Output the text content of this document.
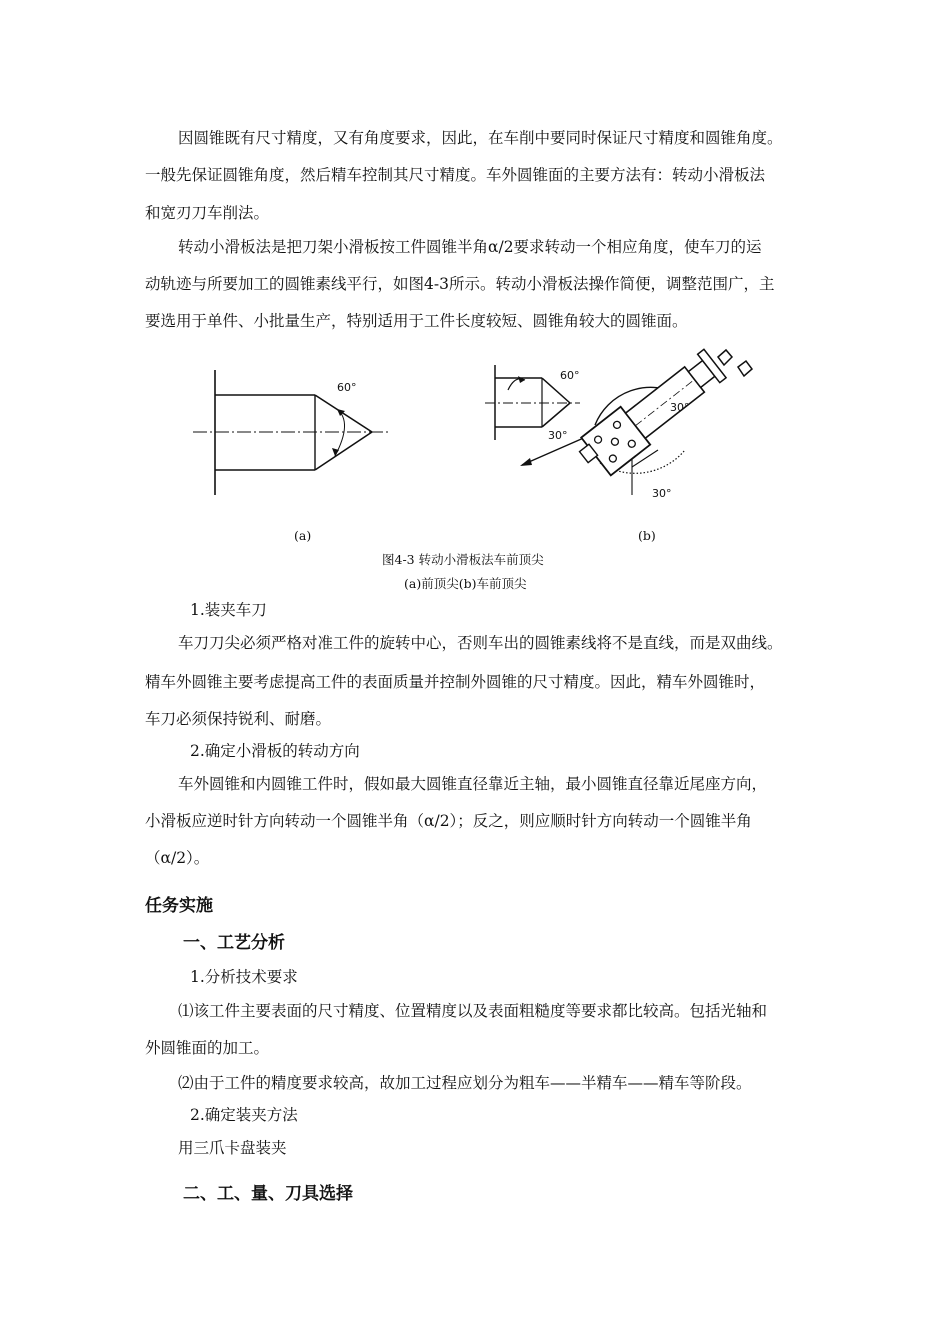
因圆锥既有尺寸精度，又有角度要求，因此，在车削中要同时保证尺寸精度和圆锥角度。
一般先保证圆锥角度，然后精车控制其尺寸精度。车外圆锥面的主要方法有：转动小滑板法
和宽刃刀车削法。
转动小滑板法是把刀架小滑板按工件圆锥半角α/2要求转动一个相应角度，使车刀的运
动轨迹与所要加工的圆锥素线平行，如图4-3所示。转动小滑板法操作简便，调整范围广，主
要选用于单件、小批量生产，特别适用于工件长度较短、圆锥角较大的圆锥面。
60°
60°
30°
30°
30°
(a)	(b)
图4-3 转动小滑板法车前顶尖
(a)前顶尖(b)车前顶尖
1.装夹车刀
车刀刀尖必须严格对准工件的旋转中心，否则车出的圆锥素线将不是直线，而是双曲线。
精车外圆锥主要考虑提高工件的表面质量并控制外圆锥的尺寸精度。因此，精车外圆锥时，
车刀必须保持锐利、耐磨。
2.确定小滑板的转动方向
车外圆锥和内圆锥工件时，假如最大圆锥直径靠近主轴，最小圆锥直径靠近尾座方向，
小滑板应逆时针方向转动一个圆锥半角（α/2）；反之，则应顺时针方向转动一个圆锥半角
（α/2）。
任务实施
一、工艺分析
1.分析技术要求
⑴该工件主要表面的尺寸精度、位置精度以及表面粗糙度等要求都比较高。包括光轴和
外圆锥面的加工。
⑵由于工件的精度要求较高，故加工过程应划分为粗车——半精车——精车等阶段。
2.确定装夹方法
用三爪卡盘装夹
二、工、量、刀具选择
